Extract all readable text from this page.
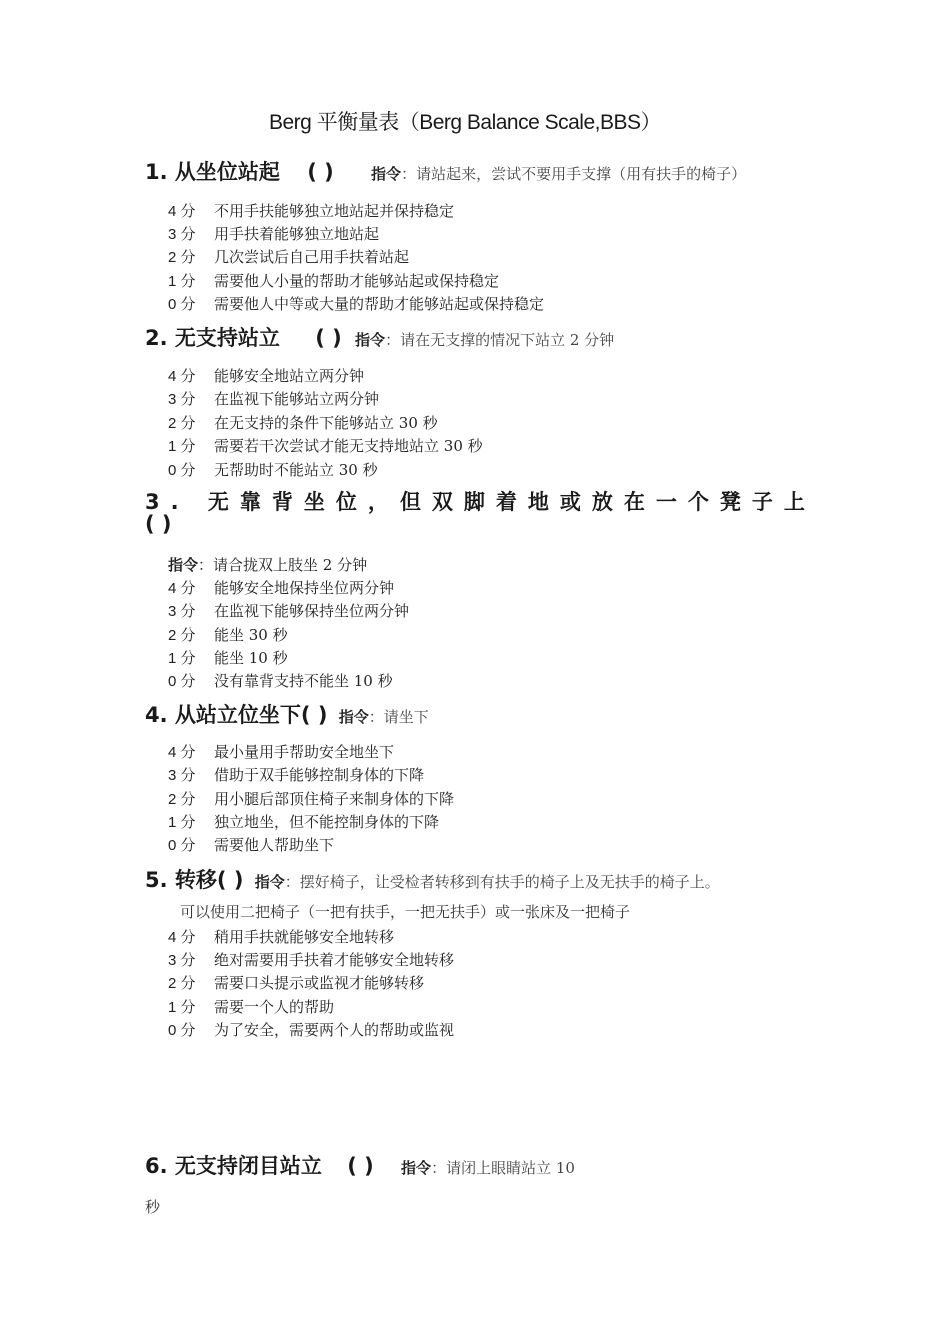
Berg 平衡量表（Berg Balance Scale,BBS）
1. 从坐位站起 ( ) 指令：请站起来，尝试不要用手支撑（用有扶手的椅子）
4 分 不用手扶能够独立地站起并保持稳定
3 分 用手扶着能够独立地站起
2 分 几次尝试后自己用手扶着站起
1 分 需要他人小量的帮助才能够站起或保持稳定
0 分 需要他人中等或大量的帮助才能够站起或保持稳定
2. 无支持站立 ( ) 指令：请在无支撑的情况下站立 2 分钟
4 分 能够安全地站立两分钟
3 分 在监视下能够站立两分钟
2 分 在无支持的条件下能够站立 30 秒
1 分 需要若干次尝试才能无支持地站立 30 秒
0 分 无帮助时不能站立 30 秒
3. 无靠背坐位，但双脚着地或放在一个凳子上
( )
指令：请合拢双上肢坐 2 分钟
4 分 能够安全地保持坐位两分钟
3 分 在监视下能够保持坐位两分钟
2 分 能坐 30 秒
1 分 能坐 10 秒
0 分 没有靠背支持不能坐 10 秒
4. 从站立位坐下( ) 指令：请坐下
4 分 最小量用手帮助安全地坐下
3 分 借助于双手能够控制身体的下降
2 分 用小腿后部顶住椅子来制身体的下降
1 分 独立地坐，但不能控制身体的下降
0 分 需要他人帮助坐下
5. 转移( ) 指令：摆好椅子，让受检者转移到有扶手的椅子上及无扶手的椅子上。
可以使用二把椅子（一把有扶手，一把无扶手）或一张床及一把椅子
4 分 稍用手扶就能够安全地转移
3 分 绝对需要用手扶着才能够安全地转移
2 分 需要口头提示或监视才能够转移
1 分 需要一个人的帮助
0 分 为了安全，需要两个人的帮助或监视
6. 无支持闭目站立 ( ) 指令：请闭上眼睛站立 10
秒
